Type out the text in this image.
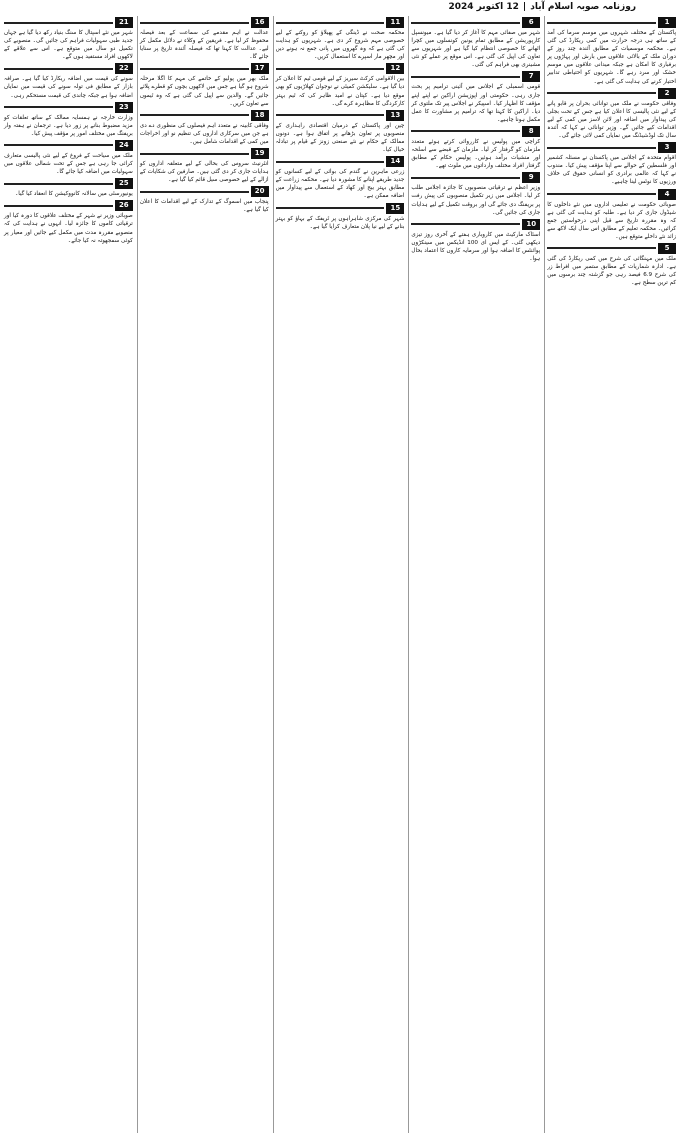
روزنامہ صوبہ اسلام آباد
|
12 اکتوبر 2024
1
پاکستان کے مختلف شہروں میں موسم سرما کی آمد کے ساتھ ہی درجہ حرارت میں کمی ریکارڈ کی گئی ہے۔ محکمہ موسمیات کے مطابق آئندہ چند روز کے دوران ملک کے بالائی علاقوں میں بارش اور پہاڑوں پر برفباری کا امکان ہے جبکہ میدانی علاقوں میں موسم خشک اور سرد رہے گا۔ شہریوں کو احتیاطی تدابیر اختیار کرنے کی ہدایت کی گئی ہے۔
2
وفاقی حکومت نے ملک میں توانائی بحران پر قابو پانے کے لیے نئی پالیسی کا اعلان کیا ہے جس کے تحت بجلی کی پیداوار میں اضافہ اور لائن لاسز میں کمی کے لیے اقدامات کیے جائیں گے۔ وزیر توانائی نے کہا کہ آئندہ سال تک لوڈشیڈنگ میں نمایاں کمی لائی جائے گی۔
3
اقوام متحدہ کے اجلاس میں پاکستان نے مسئلہ کشمیر اور فلسطین کے حوالے سے اپنا مؤقف پیش کیا۔ مندوب نے کہا کہ عالمی برادری کو انسانی حقوق کی خلاف ورزیوں کا نوٹس لینا چاہیے۔
4
صوبائی حکومت نے تعلیمی اداروں میں نئے داخلوں کا شیڈول جاری کر دیا ہے۔ طلبہ کو ہدایت کی گئی ہے کہ وہ مقررہ تاریخ سے قبل اپنی درخواستیں جمع کرائیں۔ محکمہ تعلیم کے مطابق اس سال ایک لاکھ سے زائد نئے داخلے متوقع ہیں۔
5
ملک میں مہنگائی کی شرح میں کمی ریکارڈ کی گئی ہے۔ ادارہ شماریات کے مطابق ستمبر میں افراط زر کی شرح 6.9 فیصد رہی جو گزشتہ چند برسوں میں کم ترین سطح ہے۔
6
شہر میں صفائی مہم کا آغاز کر دیا گیا ہے۔ میونسپل کارپوریشن کے مطابق تمام یونین کونسلوں میں کچرا اٹھانے کا خصوصی انتظام کیا گیا ہے اور شہریوں سے تعاون کی اپیل کی گئی ہے۔ اس موقع پر عملے کو نئی مشینری بھی فراہم کی گئی۔
7
قومی اسمبلی کے اجلاس میں آئینی ترامیم پر بحث جاری رہی۔ حکومتی اور اپوزیشن اراکین نے اپنے اپنے مؤقف کا اظہار کیا۔ اسپیکر نے اجلاس پیر تک ملتوی کر دیا۔ اراکین کا کہنا تھا کہ ترامیم پر مشاورت کا عمل مکمل ہونا چاہیے۔
8
کراچی میں پولیس نے کارروائی کرتے ہوئے متعدد ملزمان کو گرفتار کر لیا۔ ملزمان کے قبضے سے اسلحہ اور منشیات برآمد ہوئیں۔ پولیس حکام کے مطابق گرفتار افراد مختلف وارداتوں میں ملوث تھے۔
9
وزیر اعظم نے ترقیاتی منصوبوں کا جائزہ اجلاس طلب کر لیا۔ اجلاس میں زیر تکمیل منصوبوں کی پیش رفت پر بریفنگ دی جائے گی اور بروقت تکمیل کے لیے ہدایات جاری کی جائیں گی۔
10
اسٹاک مارکیٹ میں کاروباری ہفتے کے آخری روز تیزی دیکھی گئی۔ کے ایس ای 100 انڈیکس میں سینکڑوں پوائنٹس کا اضافہ ہوا اور سرمایہ کاروں کا اعتماد بحال ہوا۔
11
محکمہ صحت نے ڈینگی کے پھیلاؤ کو روکنے کے لیے خصوصی مہم شروع کر دی ہے۔ شہریوں کو ہدایت کی گئی ہے کہ وہ گھروں میں پانی جمع نہ ہونے دیں اور مچھر مار اسپرے کا استعمال کریں۔
12
بین الاقوامی کرکٹ سیریز کے لیے قومی ٹیم کا اعلان کر دیا گیا ہے۔ سلیکشن کمیٹی نے نوجوان کھلاڑیوں کو بھی موقع دیا ہے۔ کپتان نے امید ظاہر کی کہ ٹیم بہتر کارکردگی کا مظاہرہ کرے گی۔
13
چین اور پاکستان کے درمیان اقتصادی راہداری کے منصوبوں پر تعاون بڑھانے پر اتفاق ہوا ہے۔ دونوں ممالک کے حکام نے نئے صنعتی زونز کے قیام پر تبادلہ خیال کیا۔
14
زرعی ماہرین نے گندم کی بوائی کے لیے کسانوں کو جدید طریقے اپنانے کا مشورہ دیا ہے۔ محکمہ زراعت کے مطابق بہتر بیج اور کھاد کے استعمال سے پیداوار میں اضافہ ممکن ہے۔
15
شہر کی مرکزی شاہراہوں پر ٹریفک کے بہاؤ کو بہتر بنانے کے لیے نیا پلان متعارف کرایا گیا ہے۔
16
عدالت نے اہم مقدمے کی سماعت کے بعد فیصلہ محفوظ کر لیا ہے۔ فریقین کے وکلاء نے دلائل مکمل کر لیے۔ عدالت کا کہنا تھا کہ فیصلہ آئندہ تاریخ پر سنایا جائے گا۔
17
ملک بھر میں پولیو کے خاتمے کی مہم کا اگلا مرحلہ شروع ہو گیا ہے جس میں لاکھوں بچوں کو قطرے پلائے جائیں گے۔ والدین سے اپیل کی گئی ہے کہ وہ ٹیموں سے تعاون کریں۔
18
وفاقی کابینہ نے متعدد اہم فیصلوں کی منظوری دے دی ہے جن میں سرکاری اداروں کی تنظیم نو اور اخراجات میں کمی کے اقدامات شامل ہیں۔
19
انٹرنیٹ سروس کی بحالی کے لیے متعلقہ اداروں کو ہدایات جاری کر دی گئی ہیں۔ صارفین کی شکایات کے ازالے کے لیے خصوصی سیل قائم کیا گیا ہے۔
20
پنجاب میں اسموگ کے تدارک کے لیے اقدامات کا اعلان کیا گیا ہے۔
21
شہر میں نئے اسپتال کا سنگ بنیاد رکھ دیا گیا ہے جہاں جدید طبی سہولیات فراہم کی جائیں گی۔ منصوبے کی تکمیل دو سال میں متوقع ہے۔ اس سے علاقے کے لاکھوں افراد مستفید ہوں گے۔
22
سونے کی قیمت میں اضافہ ریکارڈ کیا گیا ہے۔ صرافہ بازار کے مطابق فی تولہ سونے کی قیمت میں نمایاں اضافہ ہوا ہے جبکہ چاندی کی قیمت مستحکم رہی۔
23
وزارت خارجہ نے ہمسایہ ممالک کے ساتھ تعلقات کو مزید مضبوط بنانے پر زور دیا ہے۔ ترجمان نے ہفتہ وار بریفنگ میں مختلف امور پر مؤقف پیش کیا۔
24
ملک میں سیاحت کے فروغ کے لیے نئی پالیسی متعارف کرائی جا رہی ہے جس کے تحت شمالی علاقوں میں سہولیات میں اضافہ کیا جائے گا۔
25
یونیورسٹی میں سالانہ کانووکیشن کا انعقاد کیا گیا۔
26
صوبائی وزیر نے شہر کے مختلف علاقوں کا دورہ کیا اور ترقیاتی کاموں کا جائزہ لیا۔ انہوں نے ہدایت کی کہ منصوبے مقررہ مدت میں مکمل کیے جائیں اور معیار پر کوئی سمجھوتہ نہ کیا جائے۔
